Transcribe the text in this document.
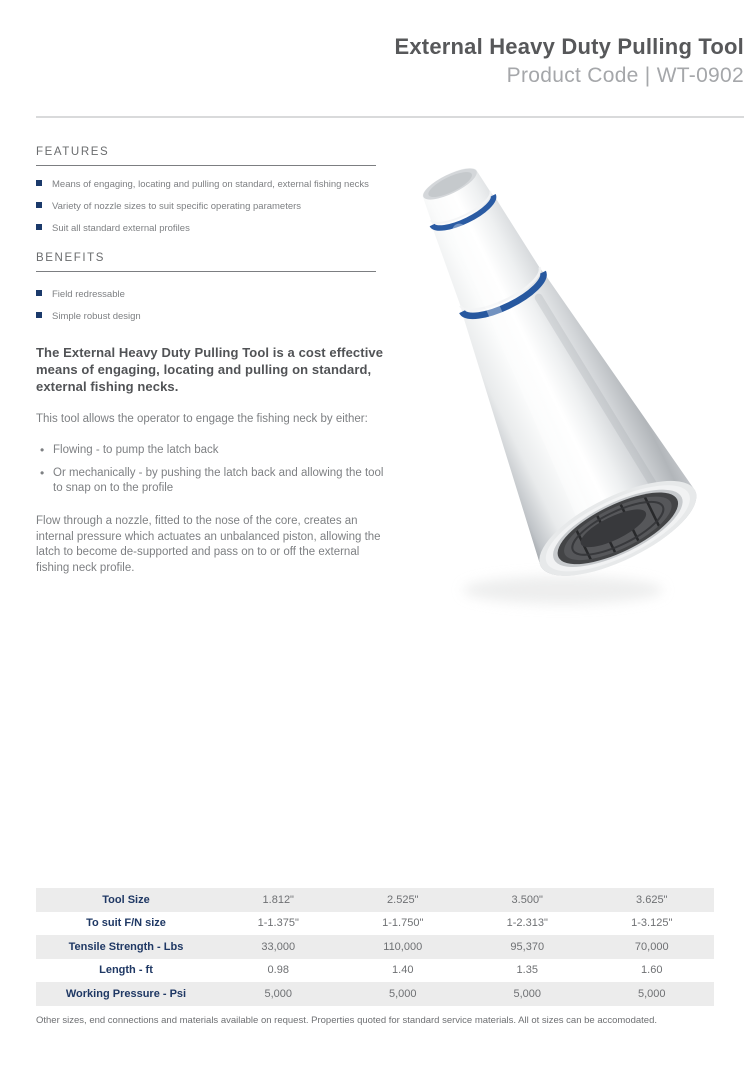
External Heavy Duty Pulling Tool
Product Code | WT-0902
FEATURES
Means of engaging, locating and pulling on standard, external fishing necks
Variety of nozzle sizes to suit specific operating parameters
Suit all standard external profiles
BENEFITS
Field redressable
Simple robust design
The External Heavy Duty Pulling Tool is a cost effective means of engaging, locating and pulling on standard, external fishing necks.
This tool allows the operator to engage the fishing neck by either:
• Flowing - to pump the latch back
• Or mechanically - by pushing the latch back and allowing the tool to snap on to the profile
Flow through a nozzle, fitted to the nose of the core, creates an internal pressure which actuates an unbalanced piston, allowing the latch to become de-supported and pass on to or off the external fishing neck profile.
Tool Size	1.812"	2.525"	3.500"	3.625"
To suit F/N size	1-1.375"	1-1.750"	1-2.313"	1-3.125"
Tensile Strength - Lbs	33,000	110,000	95,370	70,000
Length - ft	0.98	1.40	1.35	1.60
Working Pressure - Psi	5,000	5,000	5,000	5,000
Other sizes, end connections and materials available on request. Properties quoted for standard service materials. All ot sizes can be accomodated.
